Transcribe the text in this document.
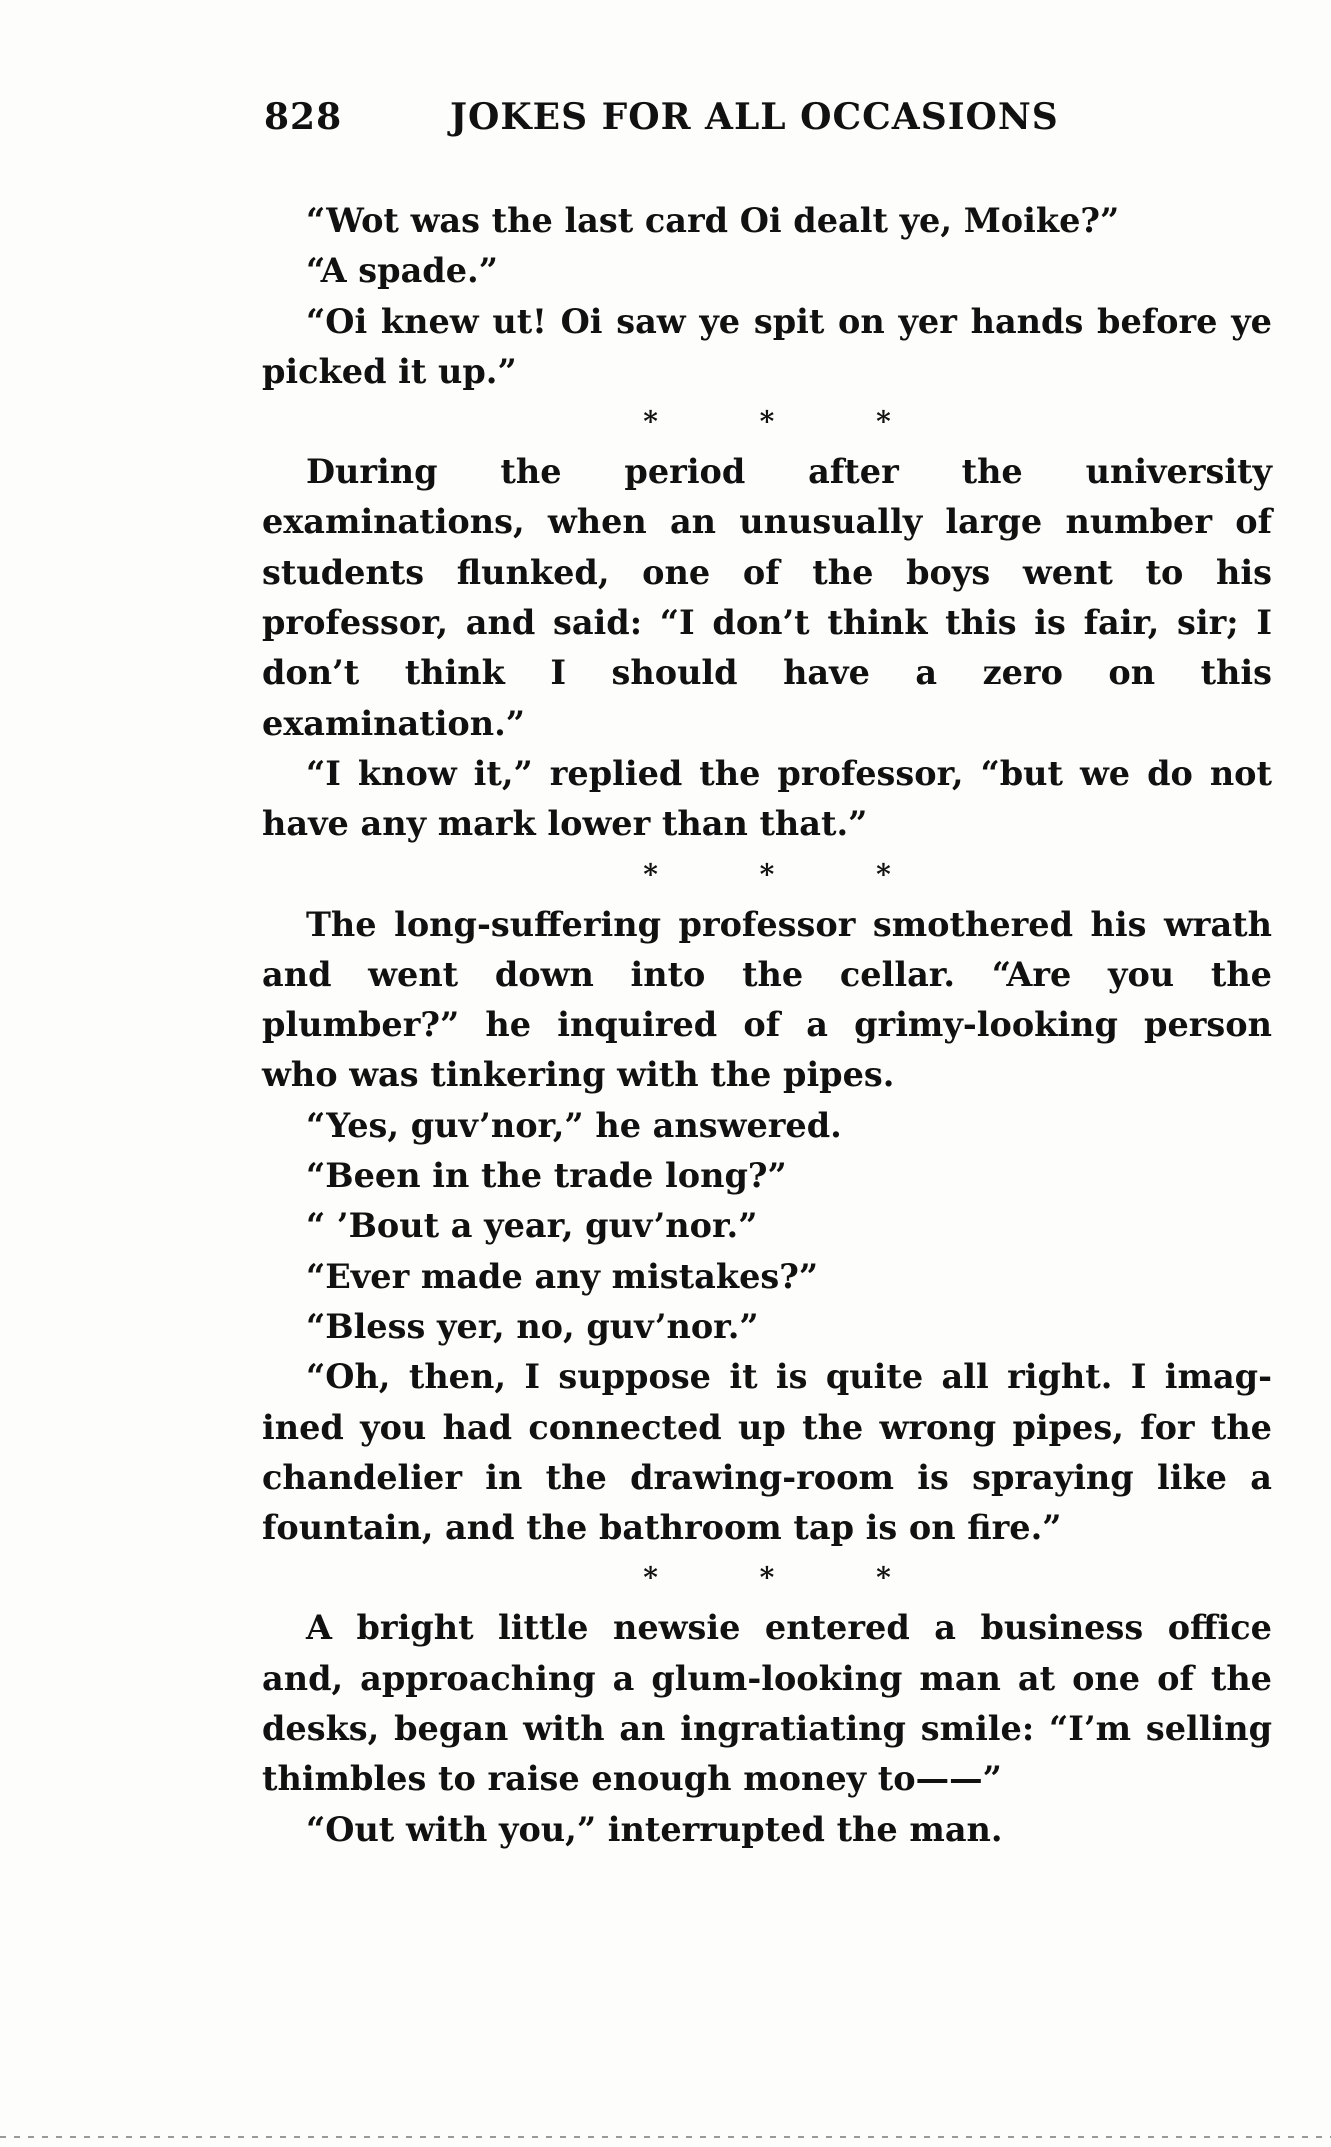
828	JOKES FOR ALL OCCASIONS

“Wot was the last card Oi dealt ye, Moike?”

“A spade.”

“Oi knew ut! Oi saw ye spit on yer hands before ye picked it up.”

* * *

During the period after the university examinations, when an unusually large number of students flunked, one of the boys went to his professor, and said: “I don’t think this is fair, sir; I don’t think I should have a zero on this examination.”

“I know it,” replied the professor, “but we do not have any mark lower than that.”

* * *

The long-suffering professor smothered his wrath and went down into the cellar. “Are you the plumber?” he inquired of a grimy-looking person who was tinkering with the pipes.

“Yes, guv’nor,” he answered.

“Been in the trade long?”

“ ’Bout a year, guv’nor.”

“Ever made any mistakes?”

“Bless yer, no, guv’nor.”

“Oh, then, I suppose it is quite all right. I imagined you had connected up the wrong pipes, for the chandelier in the drawing-room is spraying like a fountain, and the bathroom tap is on fire.”

* * *

A bright little newsie entered a business office and, approaching a glum-looking man at one of the desks, began with an ingratiating smile: “I’m selling thimbles to raise enough money to——”

“Out with you,” interrupted the man.
